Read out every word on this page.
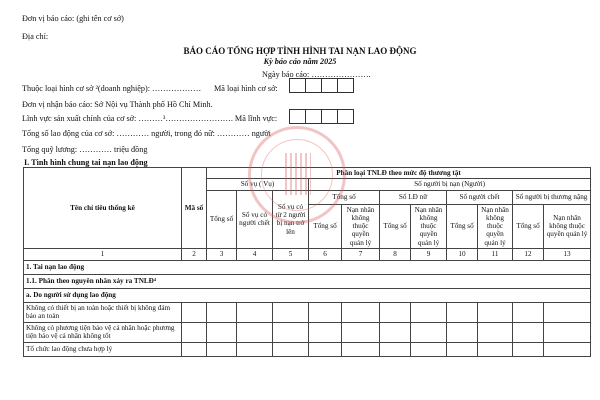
Đơn vị báo cáo: (ghi tên cơ sở)
Địa chỉ:
BÁO CÁO TỔNG HỢP TÌNH HÌNH TAI NẠN LAO ĐỘNG
Kỳ báo cáo năm 2025
Ngày báo cáo: ………………….
Thuộc loại hình cơ sở ²(doanh nghiệp): ……………… Mã loại hình cơ sở:
Đơn vị nhận báo cáo: Sở Nội vụ Thành phố Hồ Chí Minh.
Lĩnh vực sản xuất chính của cơ sở: ………³……………………. Mã lĩnh vực:
Tổng số lao động của cơ sở: ………… người, trong đó nữ: ………… người
Tổng quỹ lương: ………… triệu đồng
I. Tình hình chung tai nạn lao động
Tên chỉ tiêu thống kê	Mã số	Phân loại TNLĐ theo mức độ thương tật										
		Số vụ ( Vụ)			Số người bị nạn (Người)							
		Tổng số	Số vụ có người chết	Số vụ có từ 2 người bị nạn trở lên	Tổng số		Số LĐ nữ		Số người chết		Số người bị thương nặng	
					Tổng số	Nạn nhân không thuộc quyền quản lý	Tổng số	Nạn nhân không thuộc quyền quản lý	Tổng số	Nạn nhân không thuộc quyền quản lý	Tổng số	Nạn nhân không thuộc quyền quản lý
1	2	3	4	5	6	7	8	9	10	11	12	13
1. Tai nạn lao động												
1.1. Phân theo nguyên nhân xảy ra TNLĐ⁴												
a. Do người sử dụng lao động												
Không có thiết bị an toàn hoặc thiết bị không đảm bảo an toàn												
Không có phương tiện bảo vệ cá nhân hoặc phương tiện bảo vệ cá nhân không tốt												
Tổ chức lao động chưa hợp lý												
